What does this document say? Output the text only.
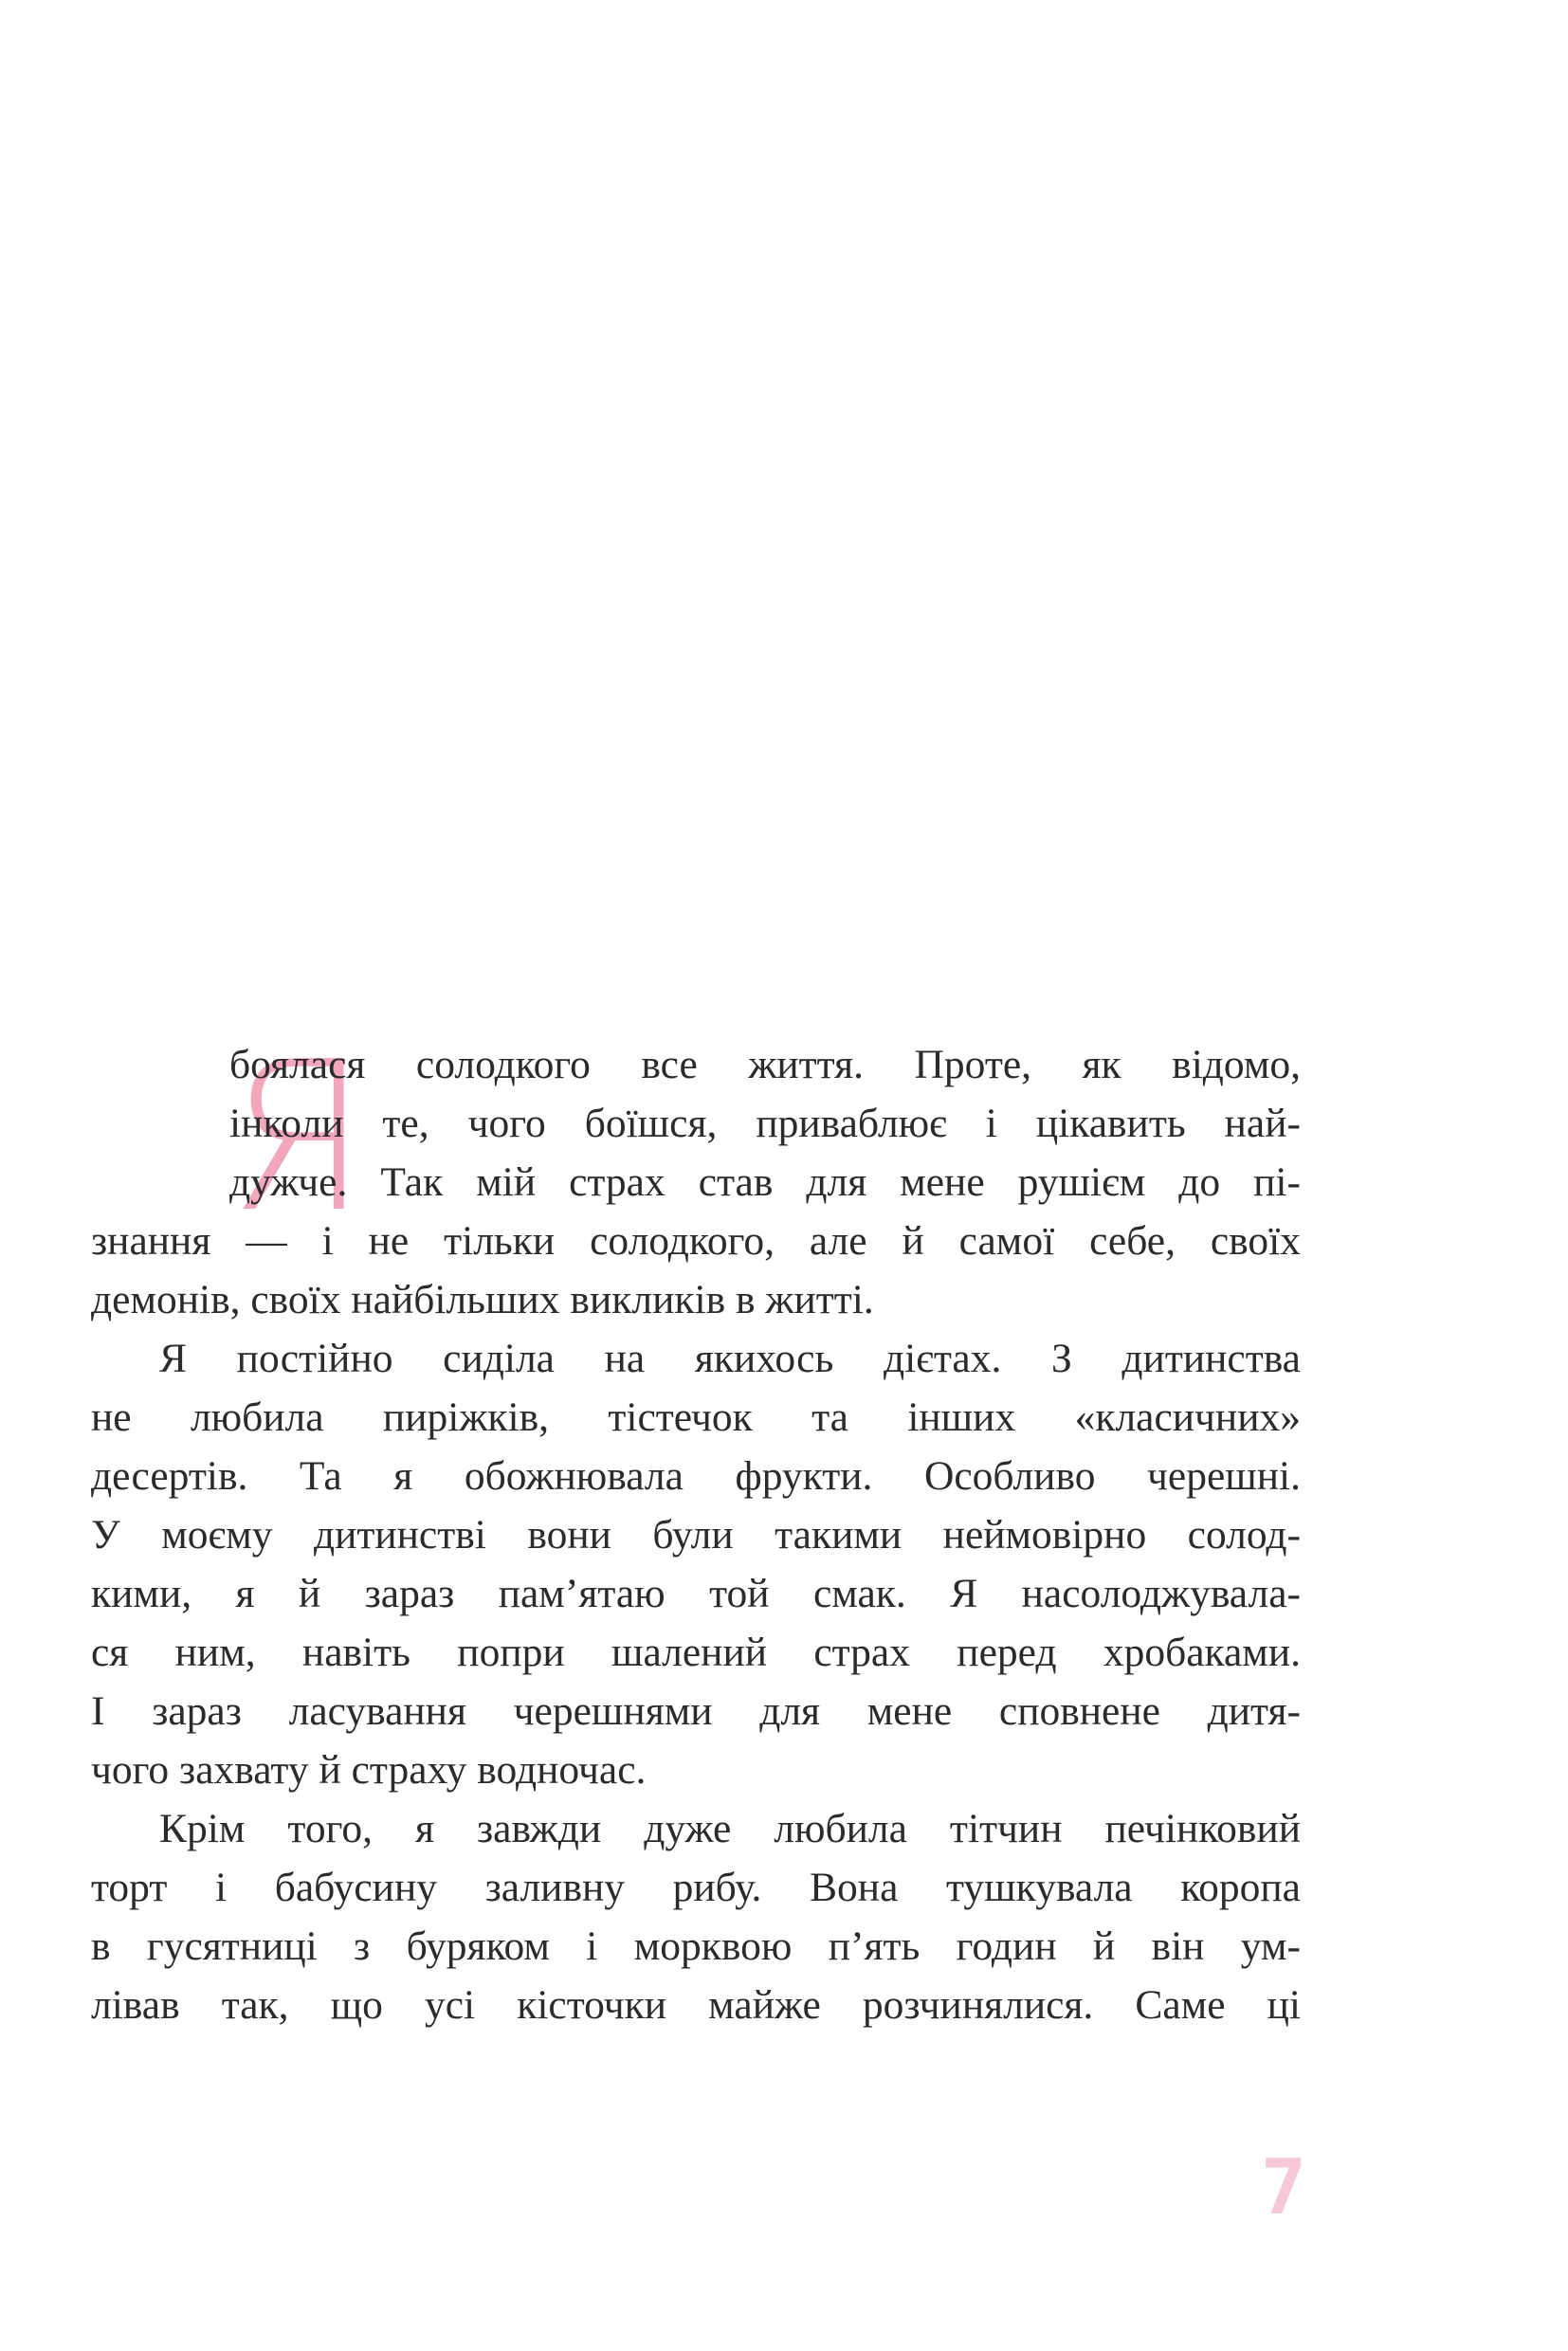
Я
боялася солодкого все життя. Проте, як відомо,
інколи те, чого боїшся, приваблює і цікавить най-
дужче. Так мій страх став для мене рушієм до пі-
знання — і не тільки солодкого, але й самої себе, своїх
демонів, своїх найбільших викликів в житті.
Я постійно сиділа на якихось дієтах. З дитинства
не любила пиріжків, тістечок та інших «класичних»
десертів. Та я обожнювала фрукти. Особливо черешні.
У моєму дитинстві вони були такими неймовірно солод-
кими, я й зараз пам’ятаю той смак. Я насолоджувала-
ся ним, навіть попри шалений страх перед хробаками.
І зараз ласування черешнями для мене сповнене дитя-
чого захвату й страху водночас.
Крім того, я завжди дуже любила тітчин печінковий
торт і бабусину заливну рибу. Вона тушкувала коропа
в гусятниці з буряком і морквою п’ять годин й він ум-
лівав так, що усі кісточки майже розчинялися. Саме ці
7
